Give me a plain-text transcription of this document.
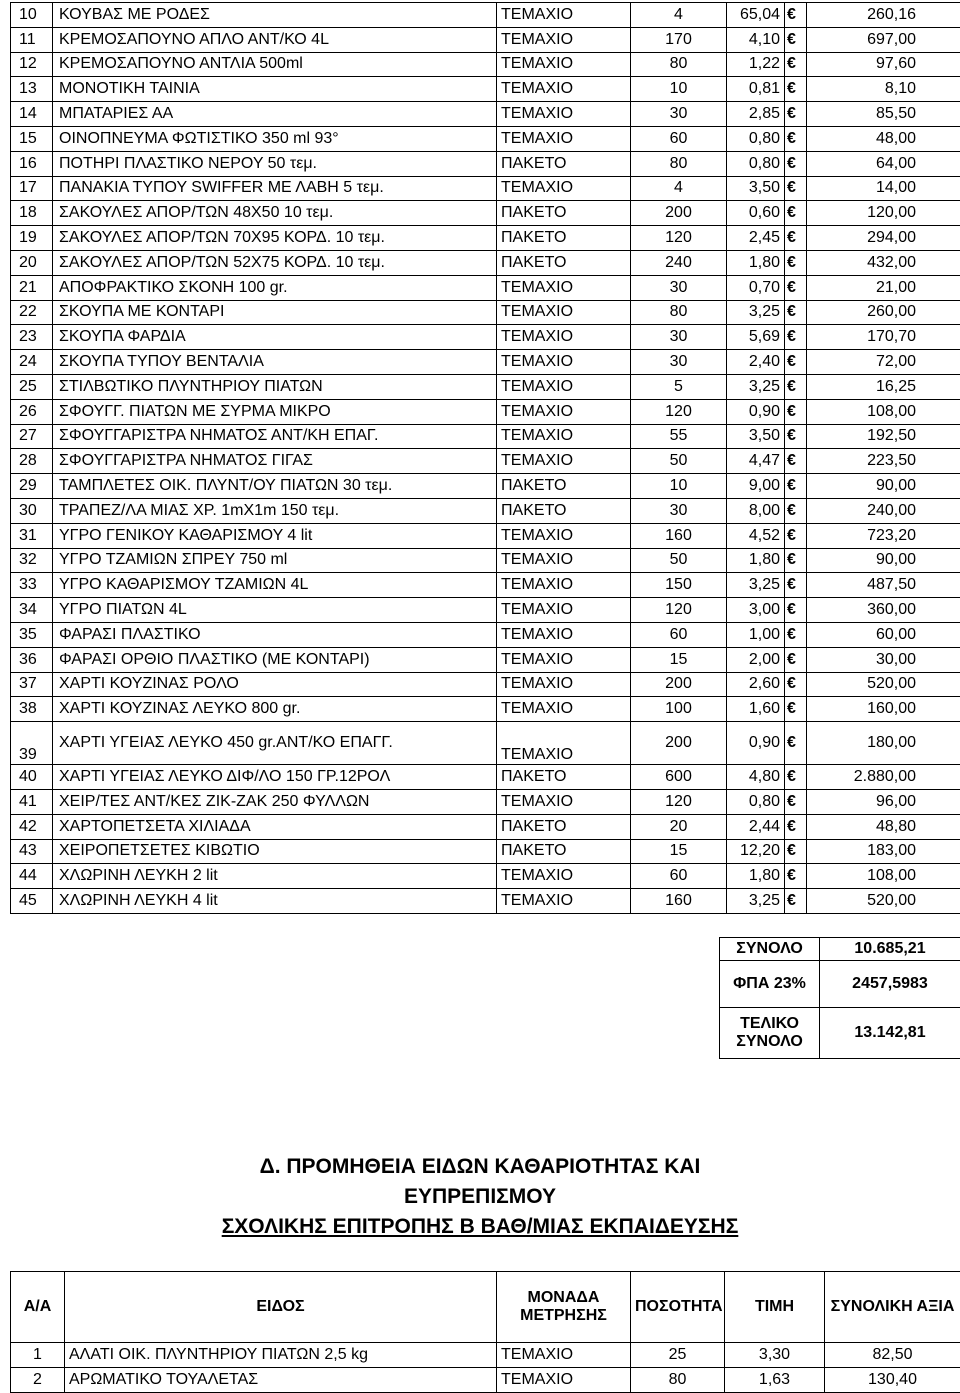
10	ΚΟΥΒΑΣ ΜΕ ΡΟΔΕΣ	ΤΕΜΑΧΙΟ	4	65,04	€	260,16
11	ΚΡΕΜΟΣΑΠΟΥΝΟ ΑΠΛΟ ΑΝΤ/ΚΟ 4L	ΤΕΜΑΧΙΟ	170	4,10	€	697,00
12	ΚΡΕΜΟΣΑΠΟΥΝΟ ΑΝΤΛΙΑ 500ml	ΤΕΜΑΧΙΟ	80	1,22	€	97,60
13	ΜΟΝΟΤΙΚΗ ΤΑΙΝΙΑ	ΤΕΜΑΧΙΟ	10	0,81	€	8,10
14	ΜΠΑΤΑΡΙΕΣ ΑΑ	ΤΕΜΑΧΙΟ	30	2,85	€	85,50
15	ΟΙΝΟΠΝΕΥΜΑ ΦΩΤΙΣΤΙΚΟ 350 ml 93°	ΤΕΜΑΧΙΟ	60	0,80	€	48,00
16	ΠΟΤΗΡΙ ΠΛΑΣΤΙΚΟ ΝΕΡΟΥ 50 τεμ.	ΠΑΚΕΤΟ	80	0,80	€	64,00
17	ΠΑΝΑΚΙΑ ΤΥΠΟΥ SWIFFER ΜΕ ΛΑΒΗ 5 τεμ.	ΤΕΜΑΧΙΟ	4	3,50	€	14,00
18	ΣΑΚΟΥΛΕΣ ΑΠΟΡ/ΤΩΝ 48Χ50 10 τεμ.	ΠΑΚΕΤΟ	200	0,60	€	120,00
19	ΣΑΚΟΥΛΕΣ ΑΠΟΡ/ΤΩΝ 70Χ95 ΚΟΡΔ. 10 τεμ.	ΠΑΚΕΤΟ	120	2,45	€	294,00
20	ΣΑΚΟΥΛΕΣ ΑΠΟΡ/ΤΩΝ 52Χ75 ΚΟΡΔ. 10 τεμ.	ΠΑΚΕΤΟ	240	1,80	€	432,00
21	ΑΠΟΦΡΑΚΤΙΚΟ ΣΚΟΝΗ 100 gr.	ΤΕΜΑΧΙΟ	30	0,70	€	21,00
22	ΣΚΟΥΠΑ ΜΕ ΚΟΝΤΑΡΙ	ΤΕΜΑΧΙΟ	80	3,25	€	260,00
23	ΣΚΟΥΠΑ ΦΑΡΔΙΑ	ΤΕΜΑΧΙΟ	30	5,69	€	170,70
24	ΣΚΟΥΠΑ ΤΥΠΟΥ ΒΕΝΤΑΛΙΑ	ΤΕΜΑΧΙΟ	30	2,40	€	72,00
25	ΣΤΙΛΒΩΤΙΚΟ ΠΛΥΝΤΗΡΙΟΥ ΠΙΑΤΩΝ	ΤΕΜΑΧΙΟ	5	3,25	€	16,25
26	ΣΦΟΥΓΓ. ΠΙΑΤΩΝ ΜΕ ΣΥΡΜΑ ΜΙΚΡΟ	ΤΕΜΑΧΙΟ	120	0,90	€	108,00
27	ΣΦΟΥΓΓΑΡΙΣΤΡΑ ΝΗΜΑΤΟΣ ΑΝΤ/ΚΗ ΕΠΑΓ.	ΤΕΜΑΧΙΟ	55	3,50	€	192,50
28	ΣΦΟΥΓΓΑΡΙΣΤΡΑ ΝΗΜΑΤΟΣ ΓΙΓΑΣ	ΤΕΜΑΧΙΟ	50	4,47	€	223,50
29	ΤΑΜΠΛΕΤΕΣ ΟΙΚ. ΠΛΥΝΤ/ΟΥ ΠΙΑΤΩΝ 30 τεμ.	ΠΑΚΕΤΟ	10	9,00	€	90,00
30	ΤΡΑΠΕΖ/ΛΑ ΜΙΑΣ ΧΡ. 1mX1m 150 τεμ.	ΠΑΚΕΤΟ	30	8,00	€	240,00
31	ΥΓΡΟ ΓΕΝΙΚΟΥ ΚΑΘΑΡΙΣΜΟΥ 4 lit	ΤΕΜΑΧΙΟ	160	4,52	€	723,20
32	ΥΓΡΟ ΤΖΑΜΙΩΝ ΣΠΡΕΥ 750 ml	ΤΕΜΑΧΙΟ	50	1,80	€	90,00
33	ΥΓΡΟ ΚΑΘΑΡΙΣΜΟΥ ΤΖΑΜΙΩΝ 4L	ΤΕΜΑΧΙΟ	150	3,25	€	487,50
34	ΥΓΡΟ ΠΙΑΤΩΝ 4L	ΤΕΜΑΧΙΟ	120	3,00	€	360,00
35	ΦΑΡΑΣΙ ΠΛΑΣΤΙΚΟ	ΤΕΜΑΧΙΟ	60	1,00	€	60,00
36	ΦΑΡΑΣΙ ΟΡΘΙΟ ΠΛΑΣΤΙΚΟ (ΜΕ ΚΟΝΤΑΡΙ)	ΤΕΜΑΧΙΟ	15	2,00	€	30,00
37	ΧΑΡΤΙ ΚΟΥΖΙΝΑΣ ΡΟΛΟ	ΤΕΜΑΧΙΟ	200	2,60	€	520,00
38	ΧΑΡΤΙ ΚΟΥΖΙΝΑΣ ΛΕΥΚΟ 800 gr.	ΤΕΜΑΧΙΟ	100	1,60	€	160,00
39	ΧΑΡΤΙ ΥΓΕΙΑΣ ΛΕΥΚΟ 450 gr.ΑΝΤ/ΚΟ ΕΠΑΓΓ.	ΤΕΜΑΧΙΟ	200	0,90	€	180,00
40	ΧΑΡΤΙ ΥΓΕΙΑΣ ΛΕΥΚΟ ΔΙΦ/ΛΟ 150 ΓΡ.12ΡΟΛ	ΠΑΚΕΤΟ	600	4,80	€	2.880,00
41	ΧΕΙΡ/ΤΕΣ ΑΝΤ/ΚΕΣ ΖΙΚ-ΖΑΚ 250 ΦΥΛΛΩΝ	ΤΕΜΑΧΙΟ	120	0,80	€	96,00
42	ΧΑΡΤΟΠΕΤΣΕΤΑ ΧΙΛΙΑΔΑ	ΠΑΚΕΤΟ	20	2,44	€	48,80
43	ΧΕΙΡΟΠΕΤΣΕΤΕΣ ΚΙΒΩΤΙΟ	ΠΑΚΕΤΟ	15	12,20	€	183,00
44	ΧΛΩΡΙΝΗ ΛΕΥΚΗ 2 lit	ΤΕΜΑΧΙΟ	60	1,80	€	108,00
45	ΧΛΩΡΙΝΗ ΛΕΥΚΗ 4 lit	ΤΕΜΑΧΙΟ	160	3,25	€	520,00
ΣΥΝΟΛΟ	10.685,21
ΦΠΑ 23%	2457,5983
ΤΕΛΙΚΟ ΣΥΝΟΛΟ	13.142,81
Δ. ΠΡΟΜΗΘΕΙΑ ΕΙΔΩΝ ΚΑΘΑΡΙΟΤΗΤΑΣ ΚΑΙ
ΕΥΠΡΕΠΙΣΜΟΥ
ΣΧΟΛΙΚΗΣ ΕΠΙΤΡΟΠΗΣ Β ΒΑΘ/ΜΙΑΣ ΕΚΠΑΙΔΕΥΣΗΣ
Α/Α	ΕΙΔΟΣ	ΜΟΝΑΔΑ ΜΕΤΡΗΣΗΣ	ΠΟΣΟΤΗΤΑ	ΤΙΜΗ	ΣΥΝΟΛΙΚΗ ΑΞΙΑ
1	ΑΛΑΤΙ ΟΙΚ. ΠΛΥΝΤΗΡΙΟΥ ΠΙΑΤΩΝ 2,5 kg	ΤΕΜΑΧΙΟ	25	3,30	82,50
2	ΑΡΩΜΑΤΙΚΟ ΤΟΥΑΛΕΤΑΣ	ΤΕΜΑΧΙΟ	80	1,63	130,40
